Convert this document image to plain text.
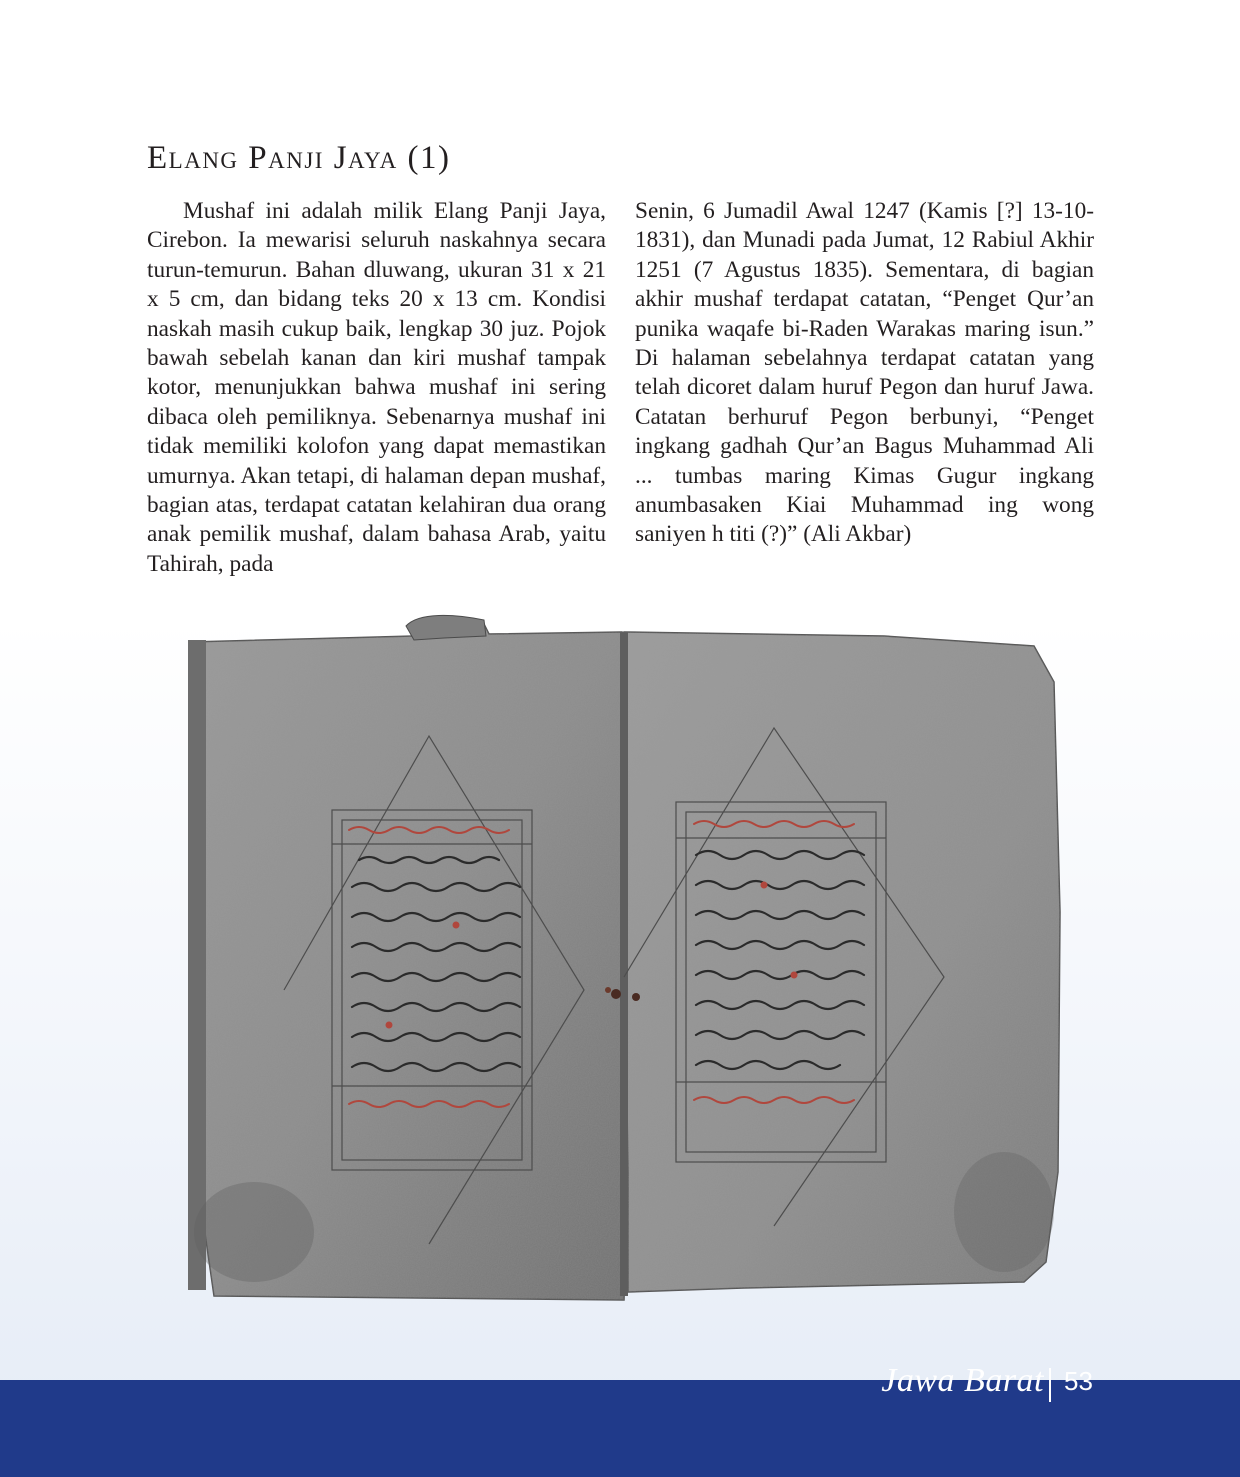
Elang Panji Jaya (1)

Mushaf ini adalah milik Elang Panji Jaya, Cirebon. Ia mewarisi seluruh naskahnya secara turun-temurun. Bahan dluwang, ukuran 31 x 21 x 5 cm, dan bidang teks 20 x 13 cm. Kondisi naskah masih cukup baik, lengkap 30 juz. Pojok bawah sebelah kanan dan kiri mushaf tampak kotor, menunjukkan bahwa mushaf ini sering dibaca oleh pemiliknya. Sebenarnya mushaf ini tidak memiliki kolofon yang dapat memastikan umurnya. Akan tetapi, di halaman depan mushaf, bagian atas, terdapat catatan kelahiran dua orang anak pemilik mushaf, dalam bahasa Arab, yaitu Tahirah, pada

Senin, 6 Jumadil Awal 1247 (Kamis [?] 13-10-1831), dan Munadi pada Jumat, 12 Rabiul Akhir 1251 (7 Agustus 1835). Sementara, di bagian akhir mushaf terdapat catatan, “Penget Qur’an punika waqafe bi-Raden Warakas maring isun.” Di halaman sebelahnya terdapat catatan yang telah dicoret dalam huruf Pegon dan huruf Jawa. Catatan berhuruf Pegon berbunyi, “Penget ingkang gadhah Qur’an Bagus Muhammad Ali ... tumbas maring Kimas Gugur ingkang anumbasaken Kiai Muhammad ing wong saniyen h titi (?)” (Ali Akbar)

Jawa Barat 53
